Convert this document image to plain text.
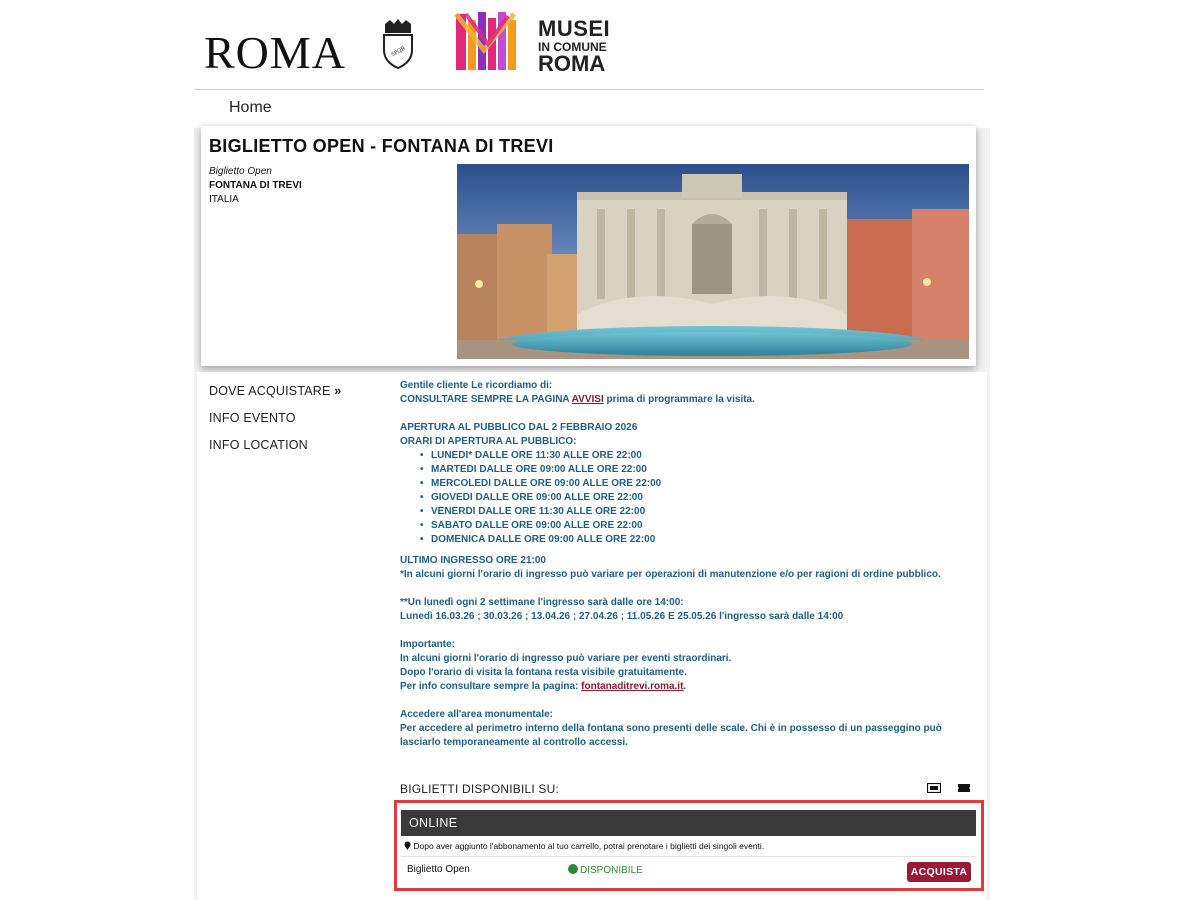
ROMA	SPQR
MUSEI
IN COMUNE
ROMA
Home
BIGLIETTO OPEN - FONTANA DI TREVI
Biglietto Open
FONTANA DI TREVI
ITALIA
DOVE ACQUISTARE »
INFO EVENTO
INFO LOCATION

Gentile cliente Le ricordiamo di:

CONSULTARE SEMPRE LA PAGINA AVVISI prima di programmare la visita.

APERTURA AL PUBBLICO DAL 2 FEBBRAIO 2026

ORARI DI APERTURA AL PUBBLICO:

• LUNEDI* DALLE ORE 11:30 ALLE ORE 22:00
• MARTEDI DALLE ORE 09:00 ALLE ORE 22:00
• MERCOLEDI DALLE ORE 09:00 ALLE ORE 22:00
• GIOVEDI DALLE ORE 09:00 ALLE ORE 22:00
• VENERDI DALLE ORE 11:30 ALLE ORE 22:00
• SABATO DALLE ORE 09:00 ALLE ORE 22:00
• DOMENICA DALLE ORE 09:00 ALLE ORE 22:00

ULTIMO INGRESSO ORE 21:00

*In alcuni giorni l'orario di ingresso può variare per operazioni di manutenzione e/o per ragioni di ordine pubblico.

**Un lunedì ogni 2 settimane l'ingresso sarà dalle ore 14:00:

Lunedì 16.03.26 ; 30.03.26 ; 13.04.26 ; 27.04.26 ; 11.05.26 E 25.05.26 l'ingresso sarà dalle 14:00

Importante:

In alcuni giorni l'orario di ingresso può variare per eventi straordinari.

Dopo l'orario di visita la fontana resta visibile gratuitamente.

Per info consultare sempre la pagina: fontanaditrevi.roma.it.

Accedere all'area monumentale:

Per accedere al perimetro interno della fontana sono presenti delle scale. Chi è in possesso di un passeggino può

lasciarlo temporaneamente al controllo accessi.

BIGLIETTI DISPONIBILI SU:
ONLINE
Dopo aver aggiunto l'abbonamento al tuo carrello, potrai prenotare i biglietti dei singoli eventi.
Biglietto Open	DISPONIBILE	ACQUISTA
